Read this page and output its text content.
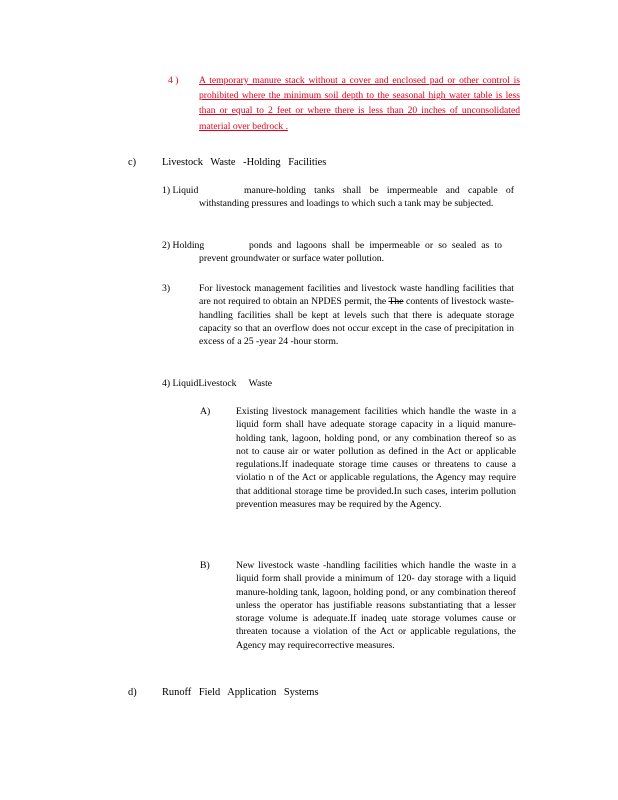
4 ) A temporary manure stack without a cover and enclosed pad or other control is prohibited where the minimum soil depth to the seasonal high water table is less than or equal to 2 feet or where there is less than 20 inches of unconsolidated material over bedrock .
c) Livestock Waste -Holding Facilities
1) Liquid	manure-holding tanks shall be impermeable and capable of withstanding pressures and loadings to which such a tank may be subjected.
2) Holding	ponds and lagoons shall be impermeable or so sealed as to prevent groundwater or surface water pollution.
3)	For livestock management facilities and livestock waste handling facilities that are not required to obtain an NPDES permit, the The contents of livestock waste- handling facilities shall be kept at levels such that there is adequate storage capacity so that an overflow does not occur except in the case of precipitation in excess of a 25 -year 24 -hour storm.
4) LiquidLivestock Waste
A)	Existing livestock management facilities which handle the waste in a liquid form shall have adequate storage capacity in a liquid manure-holding tank, lagoon, holding pond, or any combination thereof so as not to cause air or water pollution as defined in the Act or applicable regulations.If inadequate storage time causes or threatens to cause a violatio n of the Act or applicable regulations, the Agency may require that additional storage time be provided.In such cases, interim pollution prevention measures may be required by the Agency.
B)	New livestock waste -handling facilities which handle the waste in a liquid form shall provide a minimum of 120- day storage with a liquid manure-holding tank, lagoon, holding pond, or any combination thereof unless the operator has justifiable reasons substantiating that a lesser storage volume is adequate.If inadeq uate storage volumes cause or threaten tocause a violation of the Act or applicable regulations, the Agency may requirecorrective measures.
d) Runoff Field Application Systems
